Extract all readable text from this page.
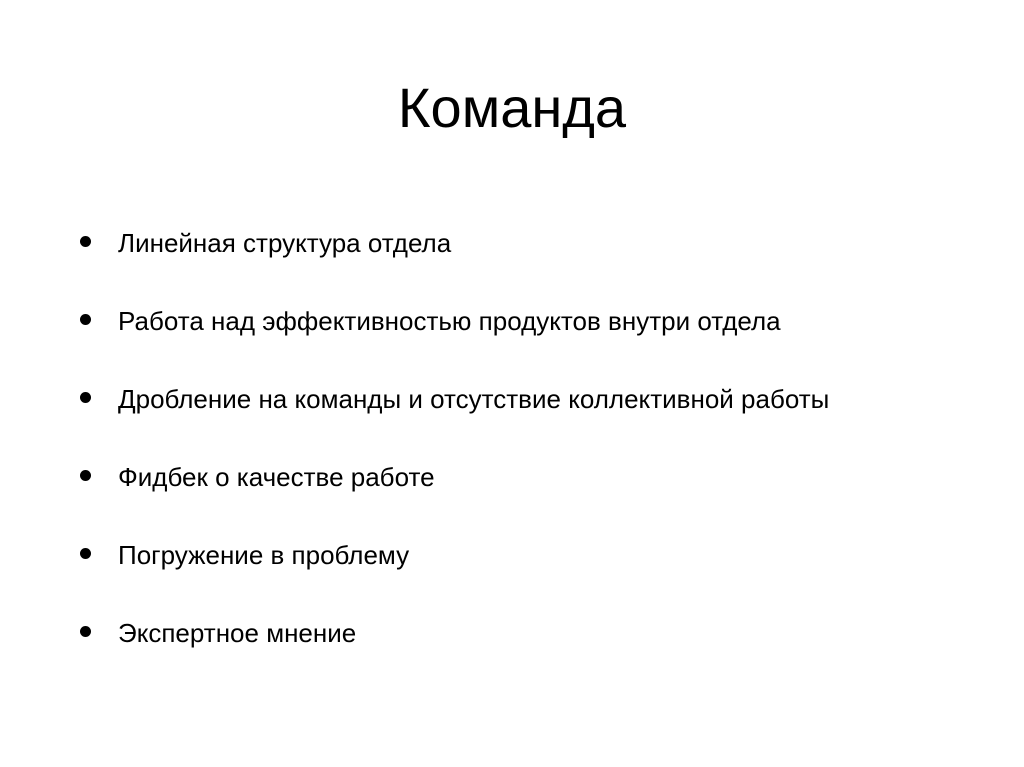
Команда
Линейная структура отдела
Работа над эффективностью продуктов внутри отдела
Дробление на команды и отсутствие коллективной работы
Фидбек о качестве работе
Погружение в проблему
Экспертное мнение
